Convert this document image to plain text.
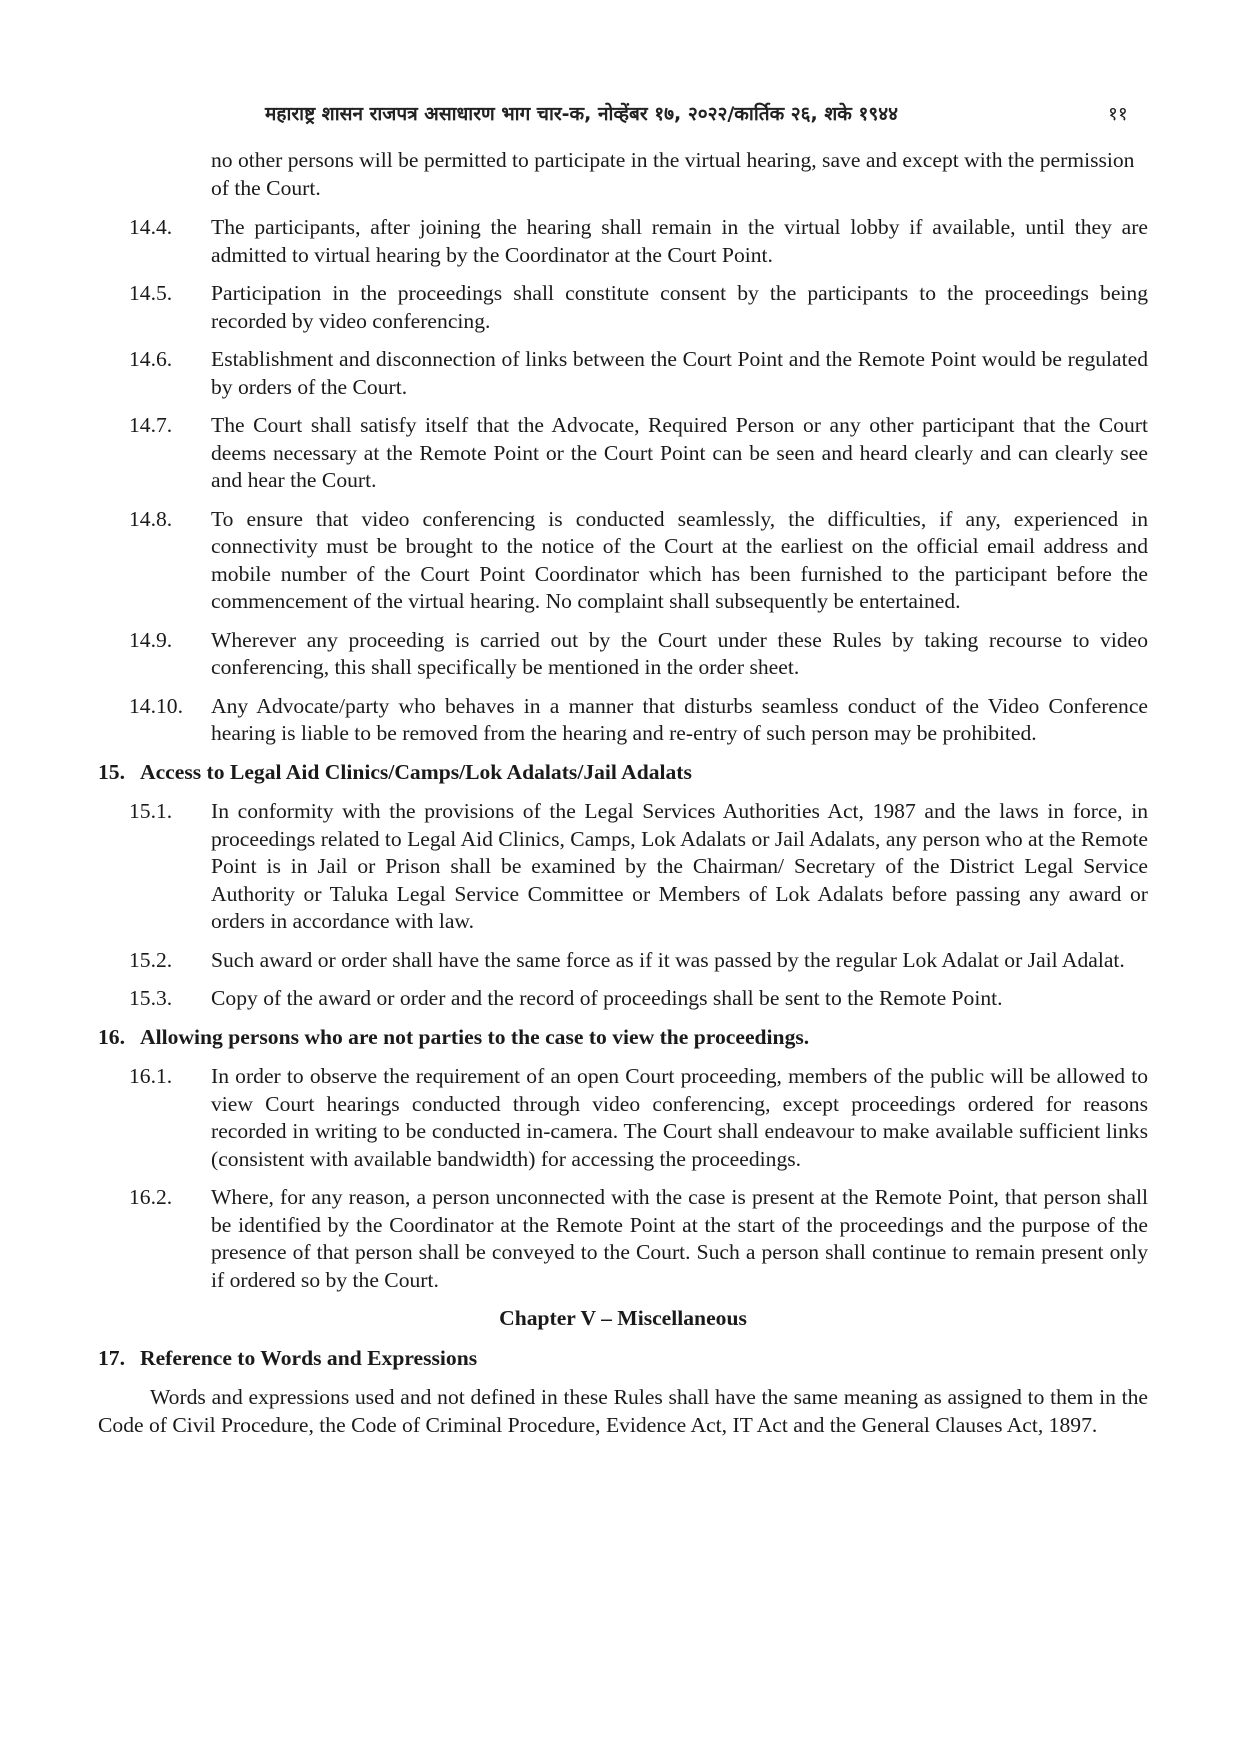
महाराष्ट्र शासन राजपत्र असाधारण भाग चार-क, नोव्हेंबर १७, २०२२/कार्तिक २६, शके १९४४	११
no other persons will be permitted to participate in the virtual hearing, save and except with the permission of the Court.
14.4.	The participants, after joining the hearing shall remain in the virtual lobby if available, until they are admitted to virtual hearing by the Coordinator at the Court Point.
14.5.	Participation in the proceedings shall constitute consent by the participants to the proceedings being recorded by video conferencing.
14.6.	Establishment and disconnection of links between the Court Point and the Remote Point would be regulated by orders of the Court.
14.7.	The Court shall satisfy itself that the Advocate, Required Person or any other participant that the Court deems necessary at the Remote Point or the Court Point can be seen and heard clearly and can clearly see and hear the Court.
14.8.	To ensure that video conferencing is conducted seamlessly, the difficulties, if any, experienced in connectivity must be brought to the notice of the Court at the earliest on the official email address and mobile number of the Court Point Coordinator which has been furnished to the participant before the commencement of the virtual hearing. No complaint shall subsequently be entertained.
14.9.	Wherever any proceeding is carried out by the Court under these Rules by taking recourse to video conferencing, this shall specifically be mentioned in the order sheet.
14.10.	Any Advocate/party who behaves in a manner that disturbs seamless conduct of the Video Conference hearing is liable to be removed from the hearing and re-entry of such person may be prohibited.
15. Access to Legal Aid Clinics/Camps/Lok Adalats/Jail Adalats
15.1.	In conformity with the provisions of the Legal Services Authorities Act, 1987 and the laws in force, in proceedings related to Legal Aid Clinics, Camps, Lok Adalats or Jail Adalats, any person who at the Remote Point is in Jail or Prison shall be examined by the Chairman/ Secretary of the District Legal Service Authority or Taluka Legal Service Committee or Members of Lok Adalats before passing any award or orders in accordance with law.
15.2.	Such award or order shall have the same force as if it was passed by the regular Lok Adalat or Jail Adalat.
15.3.	Copy of the award or order and the record of proceedings shall be sent to the Remote Point.
16. Allowing persons who are not parties to the case to view the proceedings.
16.1.	In order to observe the requirement of an open Court proceeding, members of the public will be allowed to view Court hearings conducted through video conferencing, except proceedings ordered for reasons recorded in writing to be conducted in-camera. The Court shall endeavour to make available sufficient links (consistent with available bandwidth) for accessing the proceedings.
16.2.	Where, for any reason, a person unconnected with the case is present at the Remote Point, that person shall be identified by the Coordinator at the Remote Point at the start of the proceedings and the purpose of the presence of that person shall be conveyed to the Court. Such a person shall continue to remain present only if ordered so by the Court.
Chapter V – Miscellaneous
17. Reference to Words and Expressions
Words and expressions used and not defined in these Rules shall have the same meaning as assigned to them in the Code of Civil Procedure, the Code of Criminal Procedure, Evidence Act, IT Act and the General Clauses Act, 1897.
